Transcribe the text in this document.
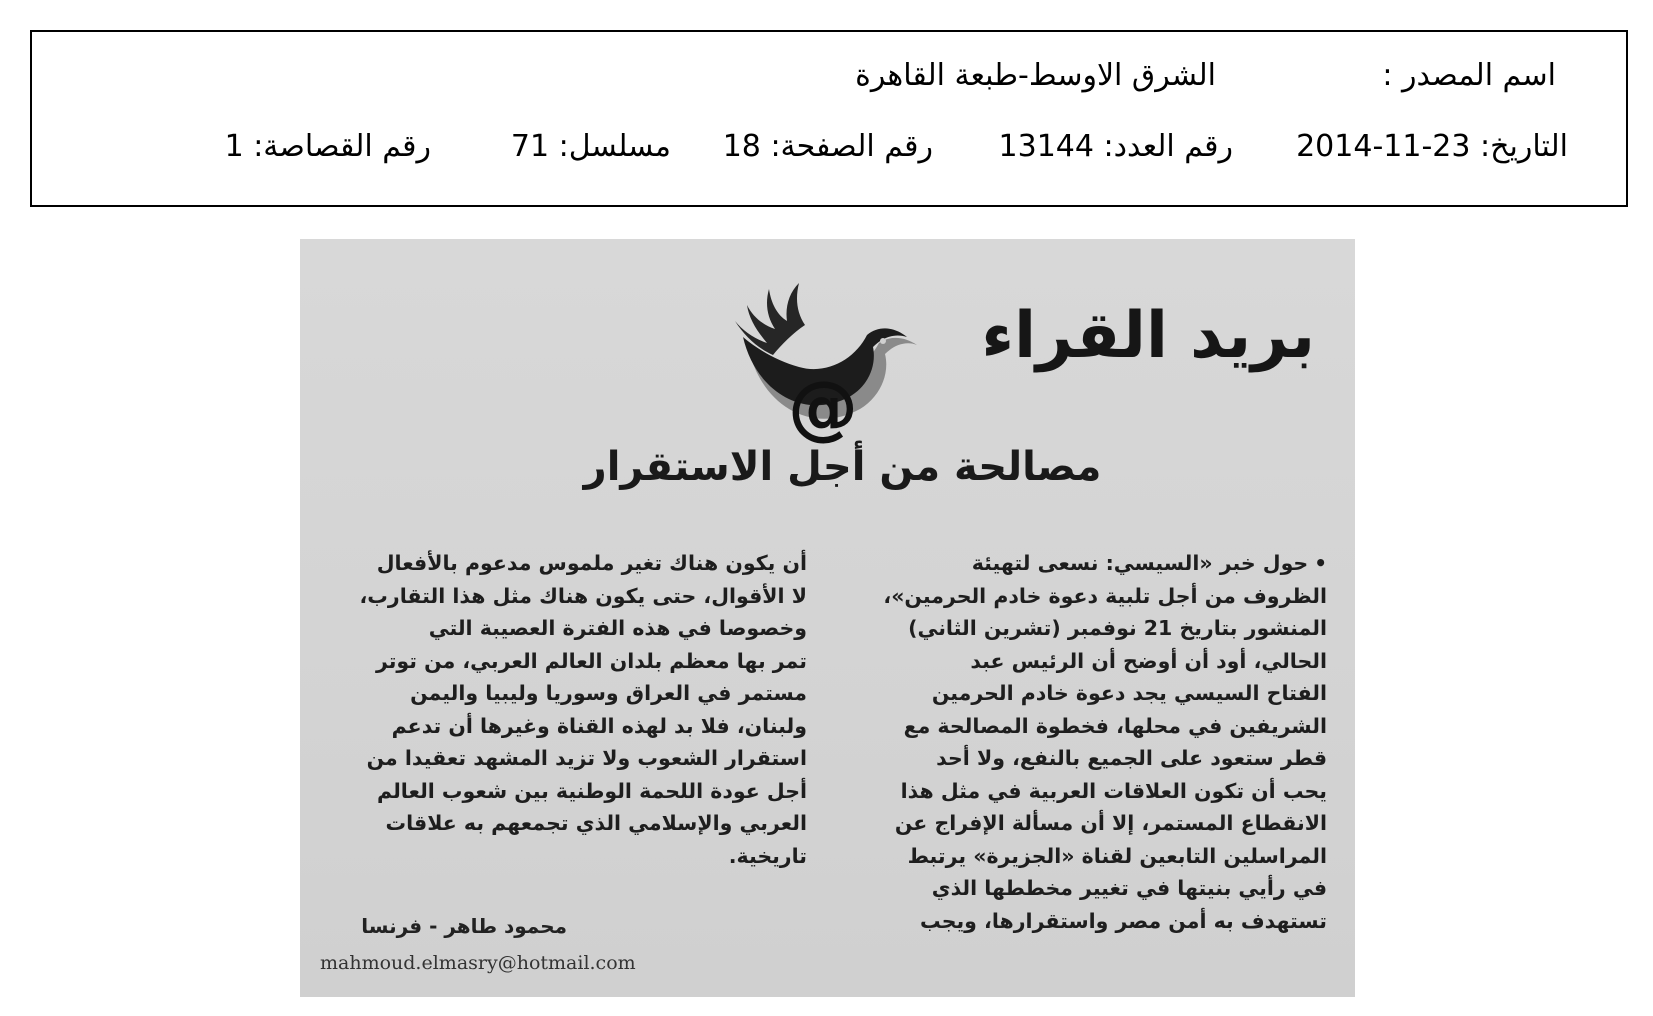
اسم المصدر :
الشرق الاوسط-طبعة القاهرة
التاريخ: 23-11-2014
رقم العدد: 13144
رقم الصفحة: 18
مسلسل: 71
رقم القصاصة: 1
بريد القراء
@
مصالحة من أجل الاستقرار
•حول خبر «السيسي: نسعى لتهيئة
الظروف من أجل تلبية دعوة خادم الحرمين»،
المنشور بتاريخ 21 نوفمبر (تشرين الثاني)
الحالي، أود أن أوضح أن الرئيس عبد
الفتاح السيسي يجد دعوة خادم الحرمين
الشريفين في محلها، فخطوة المصالحة مع
قطر ستعود على الجميع بالنفع، ولا أحد
يحب أن تكون العلاقات العربية في مثل هذا
الانقطاع المستمر، إلا أن مسألة الإفراج عن
المراسلين التابعين لقناة «الجزيرة» يرتبط
في رأيي بنيتها في تغيير مخططها الذي
تستهدف به أمن مصر واستقرارها، ويجب
أن يكون هناك تغير ملموس مدعوم بالأفعال
لا الأقوال، حتى يكون هناك مثل هذا التقارب،
وخصوصا في هذه الفترة العصيبة التي
تمر بها معظم بلدان العالم العربي، من توتر
مستمر في العراق وسوريا وليبيا واليمن
ولبنان، فلا بد لهذه القناة وغيرها أن تدعم
استقرار الشعوب ولا تزيد المشهد تعقيدا من
أجل عودة اللحمة الوطنية بين شعوب العالم
العربي والإسلامي الذي تجمعهم به علاقات
تاريخية.
محمود طاهر - فرنسا
mahmoud.elmasry@hotmail.com
